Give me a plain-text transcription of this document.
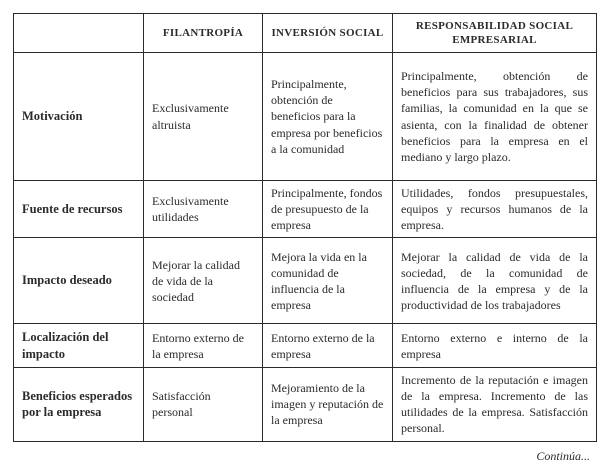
	FILANTROPÍA	INVERSIÓN SOCIAL	RESPONSABILIDAD SOCIAL EMPRESARIAL
Motivación	Exclusivamente altruista	Principalmente, obtención de beneficios para la empresa por beneficios a la comunidad	Principalmente, obtención de beneficios para sus trabajadores, sus familias, la comunidad en la que se asienta, con la finalidad de obtener beneficios para la empresa en el mediano y largo plazo.
Fuente de recursos	Exclusivamente utilidades	Principalmente, fondos de presupuesto de la empresa	Utilidades, fondos presupuestales, equipos y recursos humanos de la empresa.
Impacto deseado	Mejorar la calidad de vida de la sociedad	Mejora la vida en la comunidad de influencia de la empresa	Mejorar la calidad de vida de la sociedad, de la comunidad de influencia de la empresa y de la productividad de los trabajadores
Localización del impacto	Entorno externo de la empresa	Entorno externo de la empresa	Entorno externo e interno de la empresa
Beneficios esperados por la empresa	Satisfacción personal	Mejoramiento de la imagen y reputación de la empresa	Incremento de la reputación e imagen de la empresa. Incremento de las utilidades de la empresa. Satisfacción personal.
Continúa...
